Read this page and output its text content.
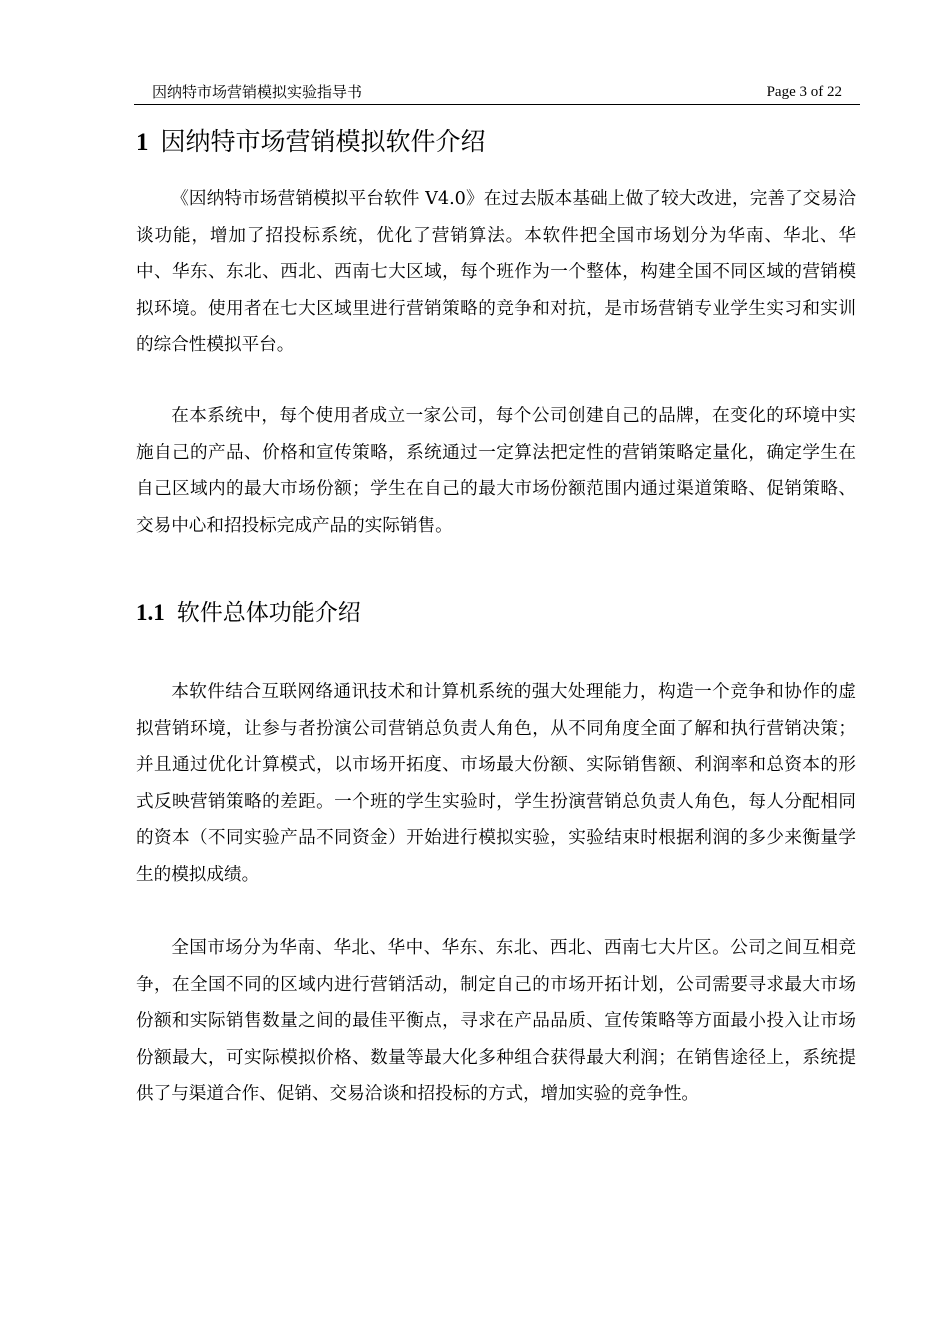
因纳特市场营销模拟实验指导书	Page 3 of 22
1 因纳特市场营销模拟软件介绍

《因纳特市场营销模拟平台软件 V4.0》在过去版本基础上做了较大改进，完善了交易洽谈功能，增加了招投标系统，优化了营销算法。本软件把全国市场划分为华南、华北、华中、华东、东北、西北、西南七大区域，每个班作为一个整体，构建全国不同区域的营销模拟环境。使用者在七大区域里进行营销策略的竞争和对抗，是市场营销专业学生实习和实训的综合性模拟平台。

在本系统中，每个使用者成立一家公司，每个公司创建自己的品牌，在变化的环境中实施自己的产品、价格和宣传策略，系统通过一定算法把定性的营销策略定量化，确定学生在自己区域内的最大市场份额；学生在自己的最大市场份额范围内通过渠道策略、促销策略、交易中心和招投标完成产品的实际销售。

1.1 软件总体功能介绍

本软件结合互联网络通讯技术和计算机系统的强大处理能力，构造一个竞争和协作的虚拟营销环境，让参与者扮演公司营销总负责人角色，从不同角度全面了解和执行营销决策；并且通过优化计算模式，以市场开拓度、市场最大份额、实际销售额、利润率和总资本的形式反映营销策略的差距。一个班的学生实验时，学生扮演营销总负责人角色，每人分配相同的资本（不同实验产品不同资金）开始进行模拟实验，实验结束时根据利润的多少来衡量学生的模拟成绩。

全国市场分为华南、华北、华中、华东、东北、西北、西南七大片区。公司之间互相竞争，在全国不同的区域内进行营销活动，制定自己的市场开拓计划，公司需要寻求最大市场份额和实际销售数量之间的最佳平衡点，寻求在产品品质、宣传策略等方面最小投入让市场份额最大，可实际模拟价格、数量等最大化多种组合获得最大利润；在销售途径上，系统提供了与渠道合作、促销、交易洽谈和招投标的方式，增加实验的竞争性。
